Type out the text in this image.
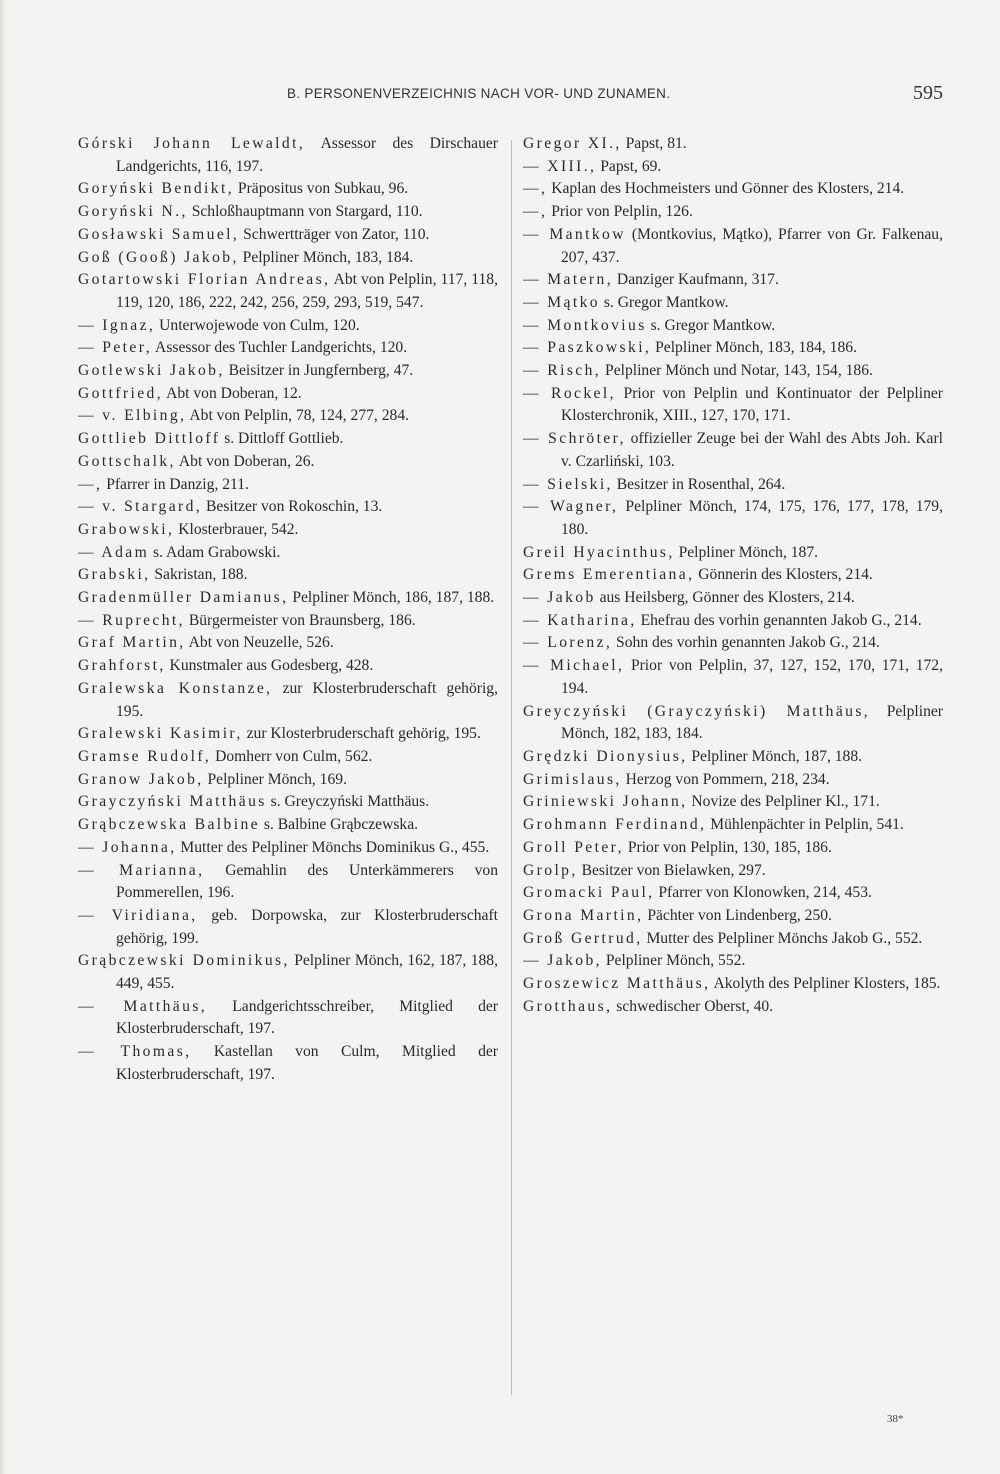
B. PERSONENVERZEICHNIS NACH VOR- UND ZUNAMEN.	595

Górski Johann Lewaldt, Assessor des Dirschauer Landgerichts, 116, 197.

Goryński Bendikt, Präpositus von Subkau, 96.

Goryński N., Schloßhauptmann von Stargard, 110.

Gosławski Samuel, Schwertträger von Zator, 110.

Goß (Gooß) Jakob, Pelpliner Mönch, 183, 184.

Gotartowski Florian Andreas, Abt von Pelplin, 117, 118, 119, 120, 186, 222, 242, 256, 259, 293, 519, 547.

— Ignaz, Unterwojewode von Culm, 120.

— Peter, Assessor des Tuchler Landgerichts, 120.

Gotlewski Jakob, Beisitzer in Jungfernberg, 47.

Gottfried, Abt von Doberan, 12.

— v. Elbing, Abt von Pelplin, 78, 124, 277, 284.

Gottlieb Dittloff s. Dittloff Gottlieb.

Gottschalk, Abt von Doberan, 26.

—, Pfarrer in Danzig, 211.

— v. Stargard, Besitzer von Rokoschin, 13.

Grabowski, Klosterbrauer, 542.

— Adam s. Adam Grabowski.

Grabski, Sakristan, 188.

Gradenmüller Damianus, Pelpliner Mönch, 186, 187, 188.

— Ruprecht, Bürgermeister von Braunsberg, 186.

Graf Martin, Abt von Neuzelle, 526.

Grahforst, Kunstmaler aus Godesberg, 428.

Gralewska Konstanze, zur Klosterbruderschaft gehörig, 195.

Gralewski Kasimir, zur Klosterbruderschaft gehörig, 195.

Gramse Rudolf, Domherr von Culm, 562.

Granow Jakob, Pelpliner Mönch, 169.

Grayczyński Matthäus s. Greyczyński Matthäus.

Grąbczewska Balbine s. Balbine Grąbczewska.

— Johanna, Mutter des Pelpliner Mönchs Dominikus G., 455.

— Marianna, Gemahlin des Unterkämmerers von Pommerellen, 196.

— Viridiana, geb. Dorpowska, zur Klosterbruderschaft gehörig, 199.

Grąbczewski Dominikus, Pelpliner Mönch, 162, 187, 188, 449, 455.

— Matthäus, Landgerichtsschreiber, Mitglied der Klosterbruderschaft, 197.

— Thomas, Kastellan von Culm, Mitglied der Klosterbruderschaft, 197.

Gregor XI., Papst, 81.

— XIII., Papst, 69.

—, Kaplan des Hochmeisters und Gönner des Klosters, 214.

—, Prior von Pelplin, 126.

— Mantkow (Montkovius, Mątko), Pfarrer von Gr. Falkenau, 207, 437.

— Matern, Danziger Kaufmann, 317.

— Mątko s. Gregor Mantkow.

— Montkovius s. Gregor Mantkow.

— Paszkowski, Pelpliner Mönch, 183, 184, 186.

— Risch, Pelpliner Mönch und Notar, 143, 154, 186.

— Rockel, Prior von Pelplin und Kontinuator der Pelpliner Klosterchronik, XIII., 127, 170, 171.

— Schröter, offizieller Zeuge bei der Wahl des Abts Joh. Karl v. Czarliński, 103.

— Sielski, Besitzer in Rosenthal, 264.

— Wagner, Pelpliner Mönch, 174, 175, 176, 177, 178, 179, 180.

Greil Hyacinthus, Pelpliner Mönch, 187.

Grems Emerentiana, Gönnerin des Klosters, 214.

— Jakob aus Heilsberg, Gönner des Klosters, 214.

— Katharina, Ehefrau des vorhin genannten Jakob G., 214.

— Lorenz, Sohn des vorhin genannten Jakob G., 214.

— Michael, Prior von Pelplin, 37, 127, 152, 170, 171, 172, 194.

Greyczyński (Grayczyński) Matthäus, Pelpliner Mönch, 182, 183, 184.

Grędzki Dionysius, Pelpliner Mönch, 187, 188.

Grimislaus, Herzog von Pommern, 218, 234.

Griniewski Johann, Novize des Pelpliner Kl., 171.

Grohmann Ferdinand, Mühlenpächter in Pelplin, 541.

Groll Peter, Prior von Pelplin, 130, 185, 186.

Grolp, Besitzer von Bielawken, 297.

Gromacki Paul, Pfarrer von Klonowken, 214, 453.

Grona Martin, Pächter von Lindenberg, 250.

Groß Gertrud, Mutter des Pelpliner Mönchs Jakob G., 552.

— Jakob, Pelpliner Mönch, 552.

Groszewicz Matthäus, Akolyth des Pelpliner Klosters, 185.

Grotthaus, schwedischer Oberst, 40.

38*
